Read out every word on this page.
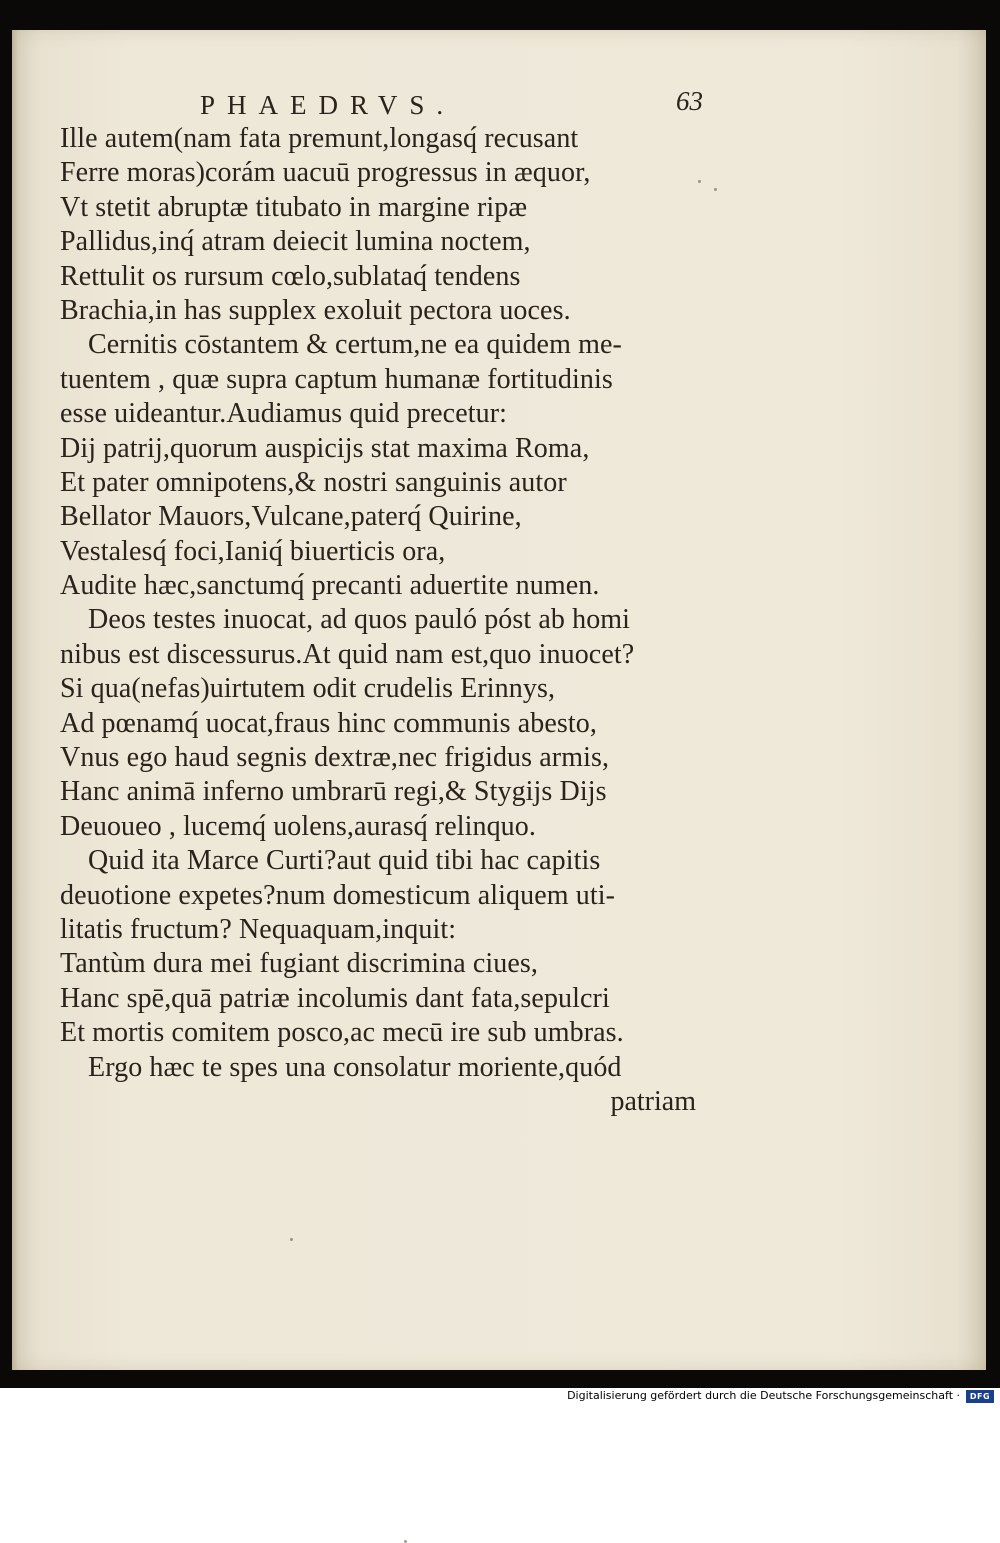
PHAEDRVS.	63
Ille autem(nam fata premunt,longasq́ recusant
Ferre moras)corám uacuū progressus in æquor,
Vt stetit abruptæ titubato in margine ripæ
Pallidus,inq́ atram deiecit lumina noctem,
Rettulit os rursum cœlo,sublataq́ tendens
Brachia,in has supplex exoluit pectora uoces.
Cernitis cōstantem & certum,ne ea quidem me-
tuentem , quæ supra captum humanæ fortitudinis
esse uideantur.Audiamus quid precetur:
Dij patrij,quorum auspicijs stat maxima Roma,
Et pater omnipotens,& nostri sanguinis autor
Bellator Mauors,Vulcane,paterq́ Quirine,
Vestalesq́ foci,Ianiq́ biuerticis ora,
Audite hæc,sanctumq́ precanti aduertite numen.
Deos testes inuocat, ad quos pauló póst ab homi
nibus est discessurus.At quid nam est,quo inuocet?
Si qua(nefas)uirtutem odit crudelis Erinnys,
Ad pœnamq́ uocat,fraus hinc communis abesto,
Vnus ego haud segnis dextræ,nec frigidus armis,
Hanc animā inferno umbrarū regi,& Stygijs Dijs
Deuoueo , lucemq́ uolens,aurasq́ relinquo.
Quid ita Marce Curti?aut quid tibi hac capitis
deuotione expetes?num domesticum aliquem uti-
litatis fructum? Nequaquam,inquit:
Tantùm dura mei fugiant discrimina ciues,
Hanc spē,quā patriæ incolumis dant fata,sepulcri
Et mortis comitem posco,ac mecū ire sub umbras.
Ergo hæc te spes una consolatur moriente,quód
patriam
Digitalisierung gefördert durch die Deutsche Forschungsgemeinschaft ·	DFG
